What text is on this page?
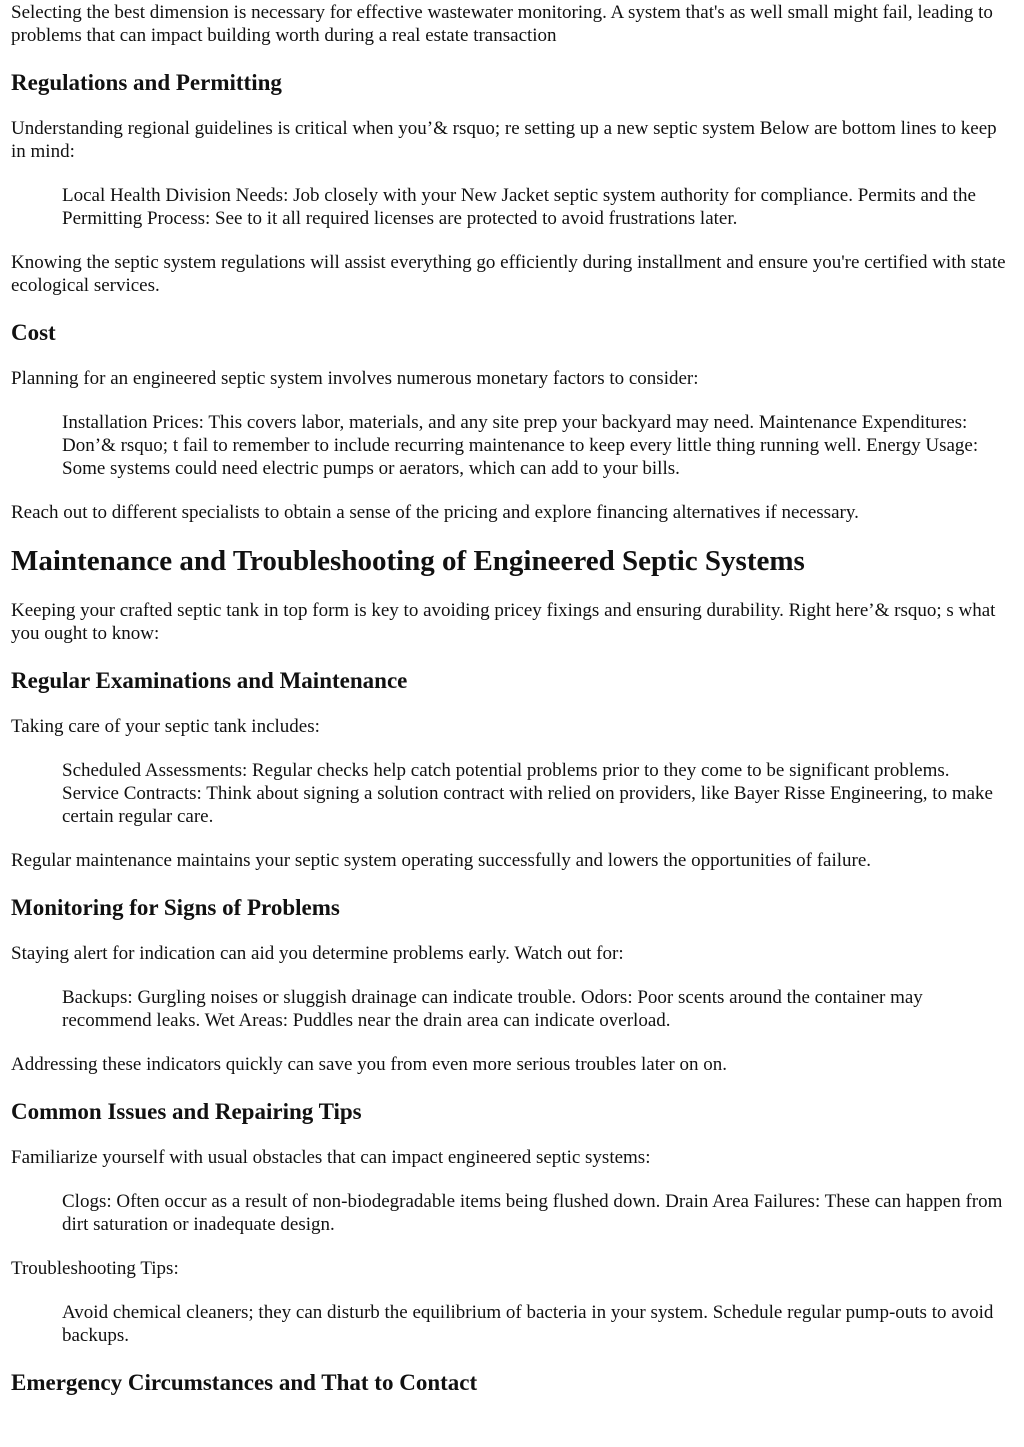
Selecting the best dimension is necessary for effective wastewater monitoring. A system that's as well small might fail, leading to problems that can impact building worth during a real estate transaction

Regulations and Permitting

Understanding regional guidelines is critical when you’& rsquo; re setting up a new septic system Below are bottom lines to keep in mind:

Local Health Division Needs: Job closely with your New Jacket septic system authority for compliance. Permits and the Permitting Process: See to it all required licenses are protected to avoid frustrations later.

Knowing the septic system regulations will assist everything go efficiently during installment and ensure you're certified with state ecological services.

Cost

Planning for an engineered septic system involves numerous monetary factors to consider:

Installation Prices: This covers labor, materials, and any site prep your backyard may need. Maintenance Expenditures: Don’& rsquo; t fail to remember to include recurring maintenance to keep every little thing running well. Energy Usage: Some systems could need electric pumps or aerators, which can add to your bills.

Reach out to different specialists to obtain a sense of the pricing and explore financing alternatives if necessary.

Maintenance and Troubleshooting of Engineered Septic Systems

Keeping your crafted septic tank in top form is key to avoiding pricey fixings and ensuring durability. Right here’& rsquo; s what you ought to know:

Regular Examinations and Maintenance

Taking care of your septic tank includes:

Scheduled Assessments: Regular checks help catch potential problems prior to they come to be significant problems. Service Contracts: Think about signing a solution contract with relied on providers, like Bayer Risse Engineering, to make certain regular care.

Regular maintenance maintains your septic system operating successfully and lowers the opportunities of failure.

Monitoring for Signs of Problems

Staying alert for indication can aid you determine problems early. Watch out for:

Backups: Gurgling noises or sluggish drainage can indicate trouble. Odors: Poor scents around the container may recommend leaks. Wet Areas: Puddles near the drain area can indicate overload.

Addressing these indicators quickly can save you from even more serious troubles later on on.

Common Issues and Repairing Tips

Familiarize yourself with usual obstacles that can impact engineered septic systems:

Clogs: Often occur as a result of non-biodegradable items being flushed down. Drain Area Failures: These can happen from dirt saturation or inadequate design.

Troubleshooting Tips:

Avoid chemical cleaners; they can disturb the equilibrium of bacteria in your system. Schedule regular pump-outs to avoid backups.

Emergency Circumstances and That to Contact
